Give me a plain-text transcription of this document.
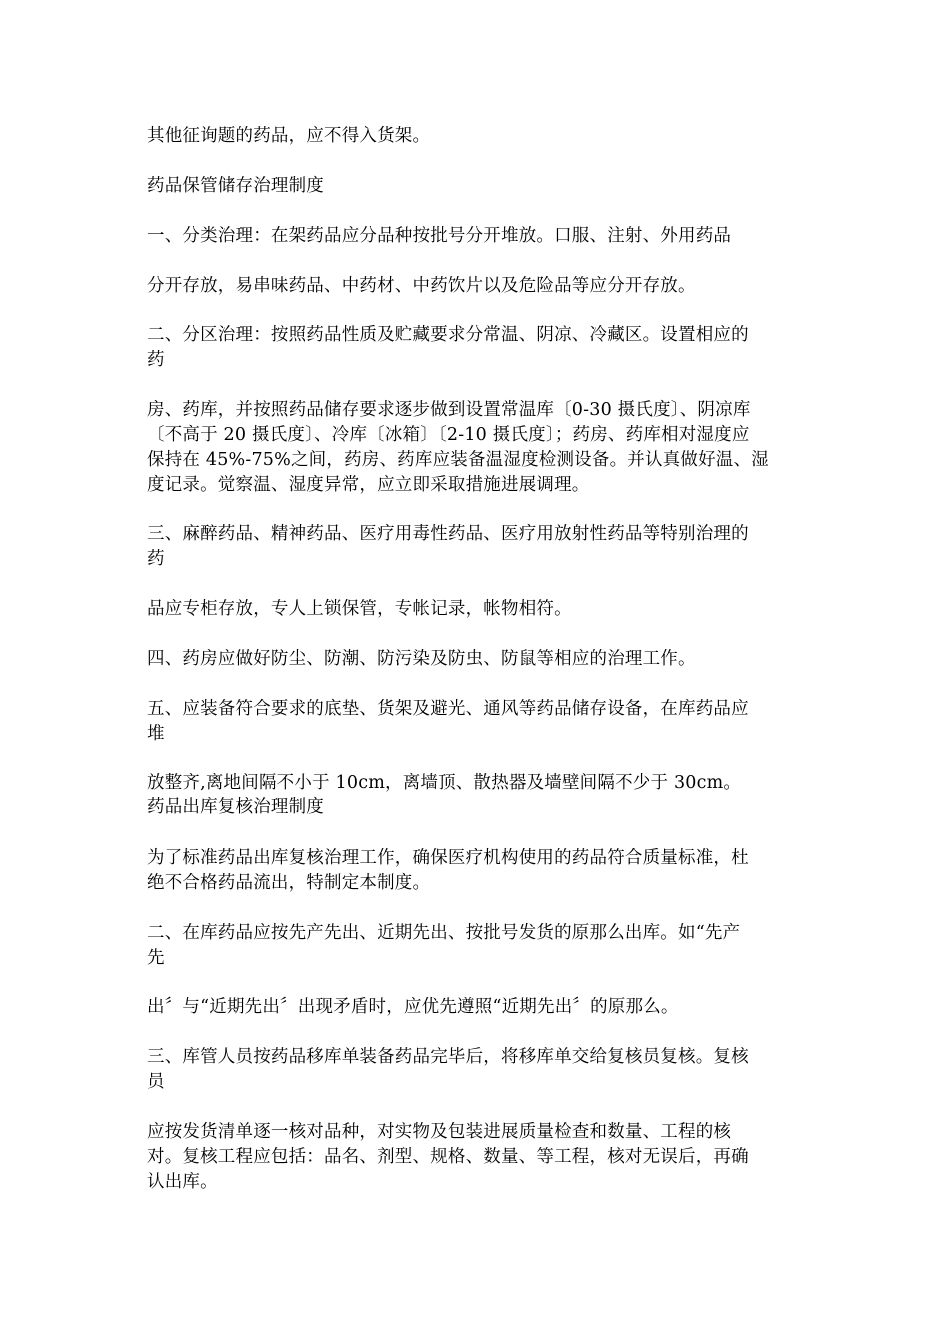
其他征询题的药品，应不得入货架。
药品保管储存治理制度
一、分类治理：在架药品应分品种按批号分开堆放。口服、注射、外用药品
分开存放，易串味药品、中药材、中药饮片以及危险品等应分开存放。
二、分区治理：按照药品性质及贮藏要求分常温、阴凉、冷藏区。设置相应的
药
房、药库，并按照药品储存要求逐步做到设置常温库〔0-30 摄氏度〕、阴凉库
〔不高于 20 摄氏度〕、冷库〔冰箱〕〔2-10 摄氏度〕；药房、药库相对湿度应
保持在 45%-75%之间，药房、药库应装备温湿度检测设备。并认真做好温、湿
度记录。觉察温、湿度异常，应立即采取措施进展调理。
三、麻醉药品、精神药品、医疗用毒性药品、医疗用放射性药品等特别治理的
药
品应专柜存放，专人上锁保管，专帐记录，帐物相符。
四、药房应做好防尘、防潮、防污染及防虫、防鼠等相应的治理工作。
五、应装备符合要求的底垫、货架及避光、通风等药品储存设备，在库药品应
堆
放整齐,离地间隔不小于 10cm，离墙顶、散热器及墙壁间隔不少于 30cm。
药品出库复核治理制度
为了标准药品出库复核治理工作，确保医疗机构使用的药品符合质量标准，杜
绝不合格药品流出，特制定本制度。
二、在库药品应按先产先出、近期先出、按批号发货的原那么出库。如“先产
先
出〞与“近期先出〞出现矛盾时，应优先遵照“近期先出〞的原那么。
三、库管人员按药品移库单装备药品完毕后，将移库单交给复核员复核。复核
员
应按发货清单逐一核对品种，对实物及包装进展质量检查和数量、工程的核
对。复核工程应包括：品名、剂型、规格、数量、等工程，核对无误后，再确
认出库。
